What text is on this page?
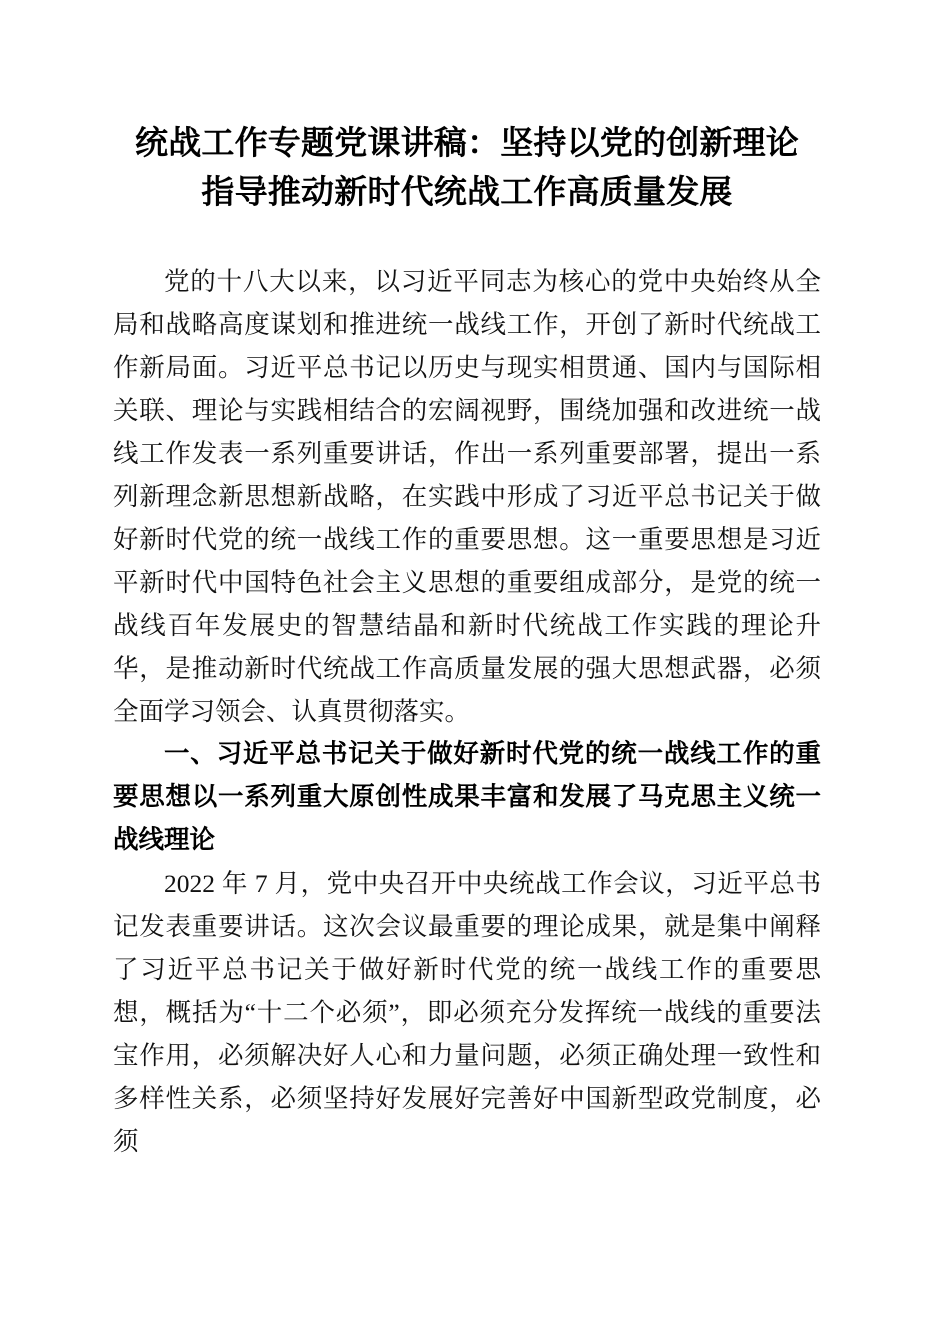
统战工作专题党课讲稿：坚持以党的创新理论
指导推动新时代统战工作高质量发展

党的十八大以来，以习近平同志为核心的党中央始终从全局和战略高度谋划和推进统一战线工作，开创了新时代统战工作新局面。习近平总书记以历史与现实相贯通、国内与国际相关联、理论与实践相结合的宏阔视野，围绕加强和改进统一战线工作发表一系列重要讲话，作出一系列重要部署，提出一系列新理念新思想新战略，在实践中形成了习近平总书记关于做好新时代党的统一战线工作的重要思想。这一重要思想是习近平新时代中国特色社会主义思想的重要组成部分，是党的统一战线百年发展史的智慧结晶和新时代统战工作实践的理论升华，是推动新时代统战工作高质量发展的强大思想武器，必须全面学习领会、认真贯彻落实。

一、习近平总书记关于做好新时代党的统一战线工作的重要思想以一系列重大原创性成果丰富和发展了马克思主义统一战线理论

2022 年 7 月，党中央召开中央统战工作会议，习近平总书记发表重要讲话。这次会议最重要的理论成果，就是集中阐释了习近平总书记关于做好新时代党的统一战线工作的重要思想，概括为“十二个必须”，即必须充分发挥统一战线的重要法宝作用，必须解决好人心和力量问题，必须正确处理一致性和多样性关系，必须坚持好发展好完善好中国新型政党制度，必须
